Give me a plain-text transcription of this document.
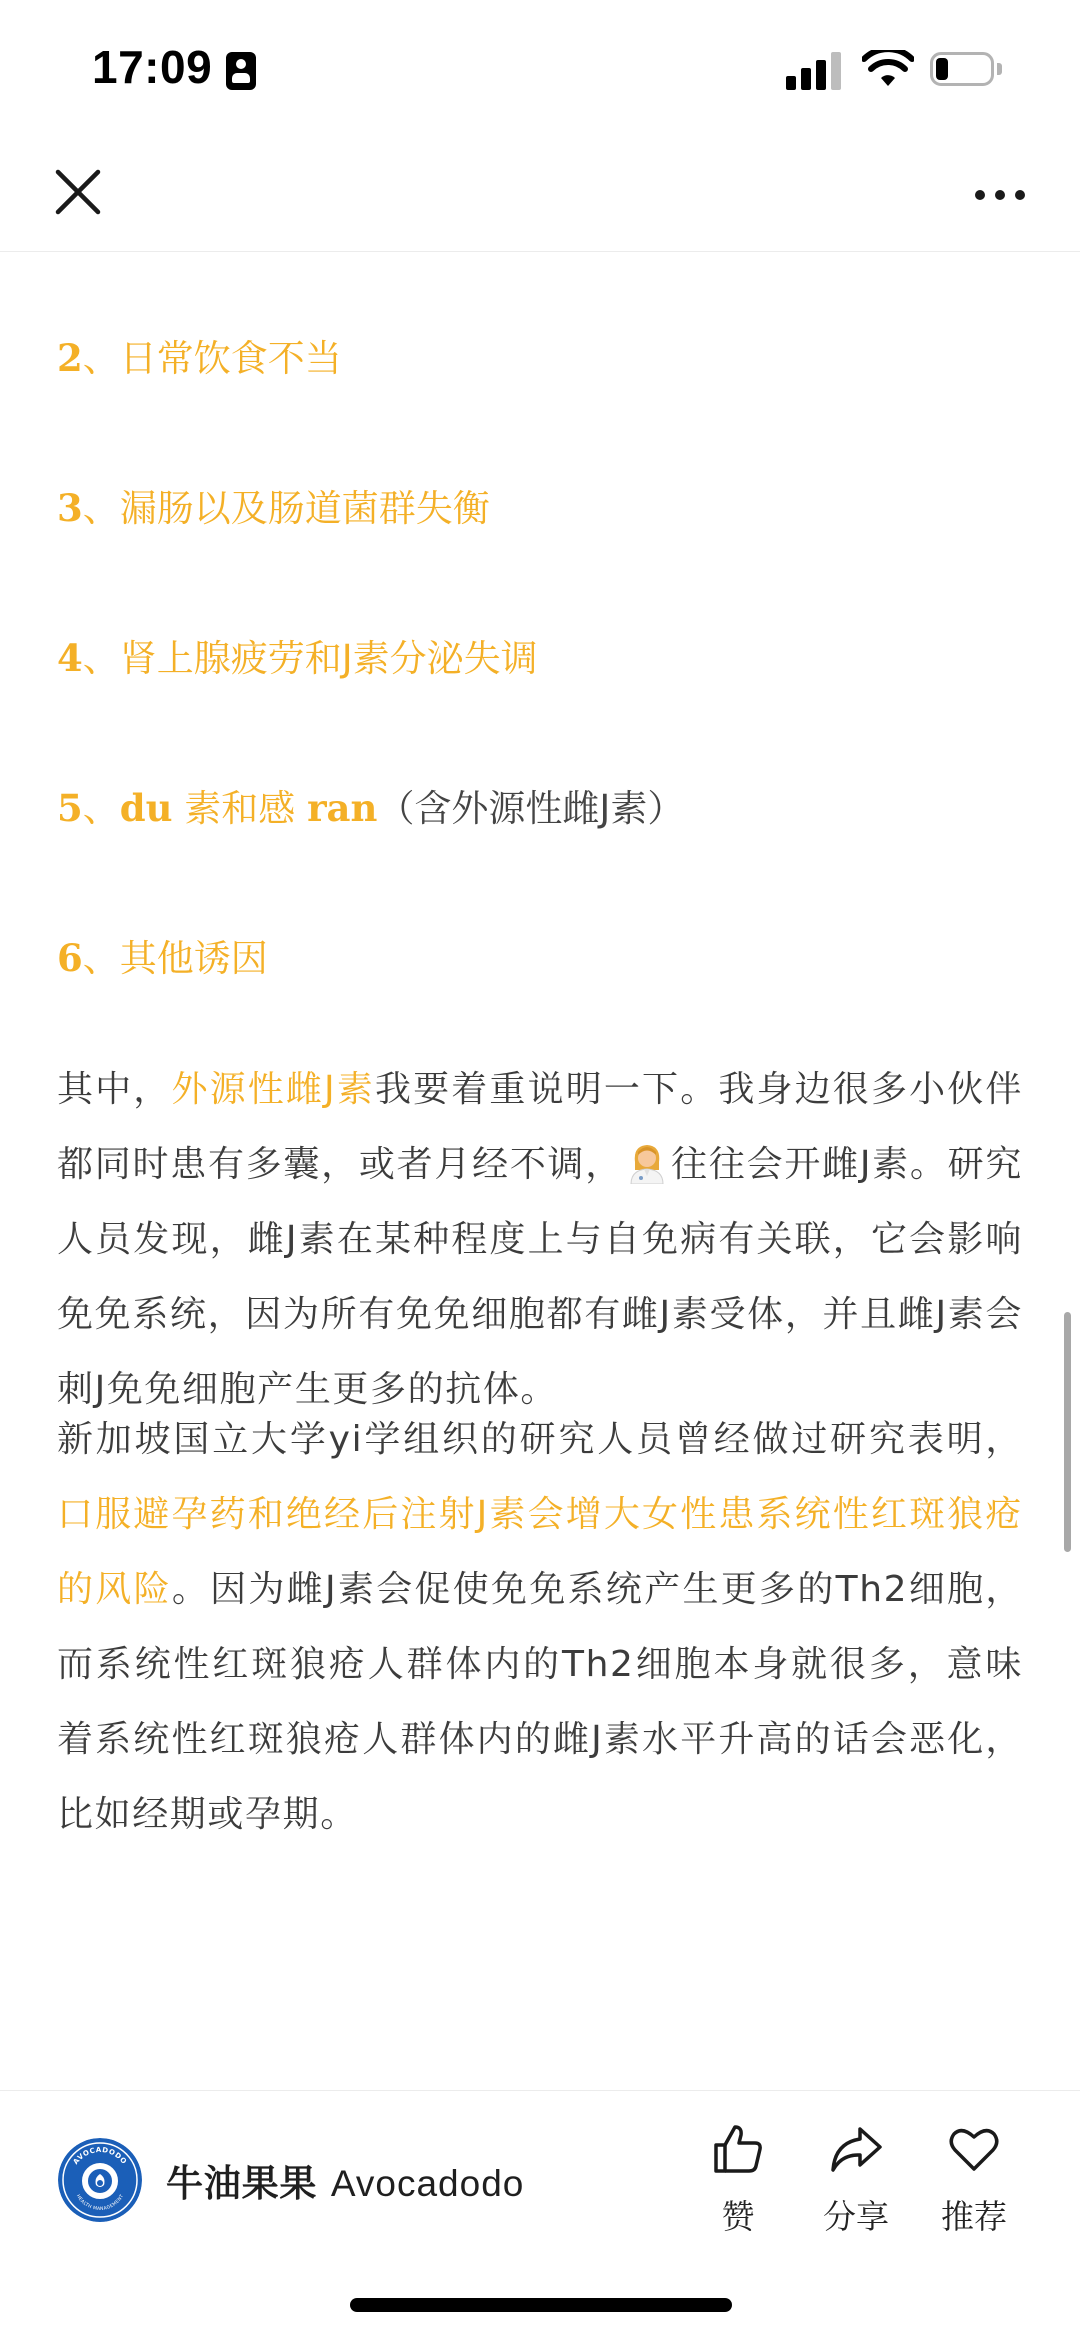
17:09
2、日常饮食不当
3、漏肠以及肠道菌群失衡
4、肾上腺疲劳和J素分泌失调
5、du 素和感 ran（含外源性雌J素）
6、其他诱因

其中，外源性雌J素我要着重说明一下。我身边很多小伙伴都同时患有多囊，或者月经不调， 往往会开雌J素。研究人员发现，雌J素在某种程度上与自免病有关联，它会影响免免系统，因为所有免免细胞都有雌J素受体，并且雌J素会刺J免免细胞产生更多的抗体。

新加坡国立大学yi学组织的研究人员曾经做过研究表明，口服避孕药和绝经后注射J素会增大女性患系统性红斑狼疮的风险。因为雌J素会促使免免系统产生更多的Th2细胞，而系统性红斑狼疮人群体内的Th2细胞本身就很多，意味着系统性红斑狼疮人群体内的雌J素水平升高的话会恶化，比如经期或孕期。

AVOCADODO
HEALTH MANAGEMENT 牛油果果 Avocadodo
赞	分享	推荐
